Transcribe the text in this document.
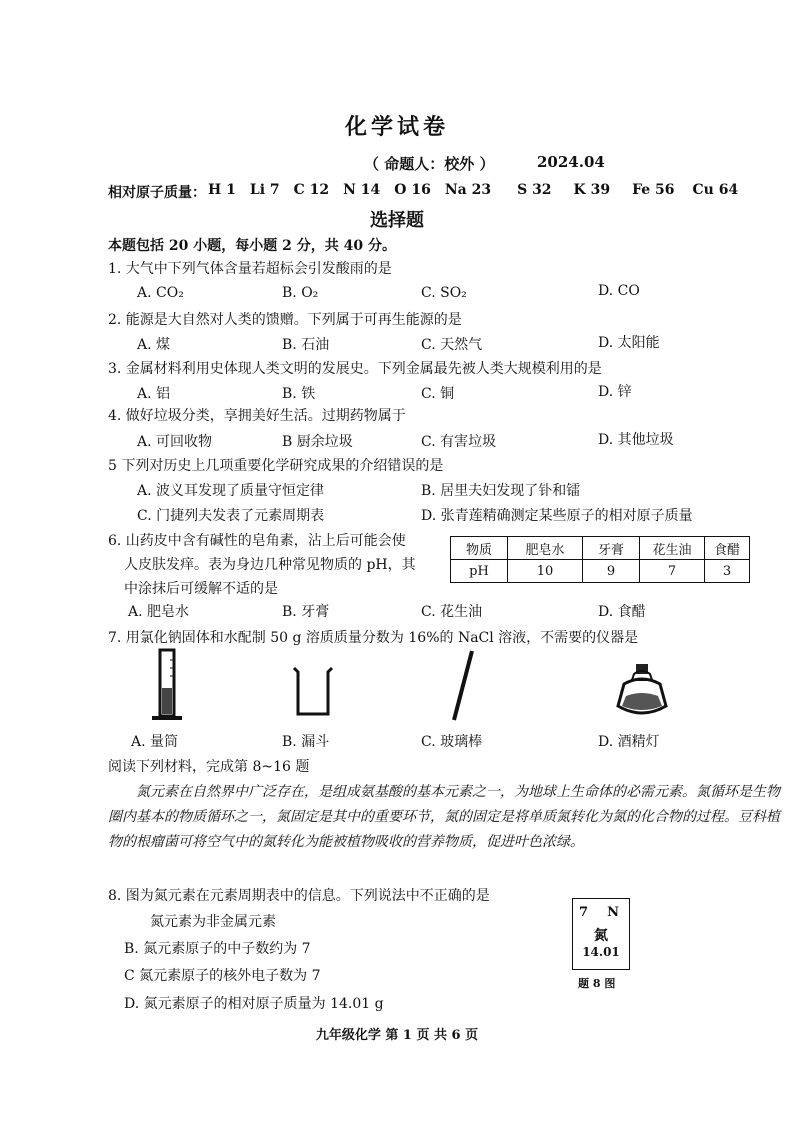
化学试卷
（ 命题人：校外 ）	2024.04
相对原子质量： H 1 Li 7 C 12 N 14 O 16 Na 23 S 32 K 39 Fe 56 Cu 64
选择题
本题包括 20 小题，每小题 2 分，共 40 分。
1. 大气中下列气体含量若超标会引发酸雨的是
A. CO₂	B. O₂	C. SO₂	D. CO
2. 能源是大自然对人类的馈赠。下列属于可再生能源的是
A. 煤	B. 石油	C. 天然气	D. 太阳能
3. 金属材料利用史体现人类文明的发展史。下列金属最先被人类大规模利用的是
A. 铝	B. 铁	C. 铜	D. 锌
4. 做好垃圾分类，享拥美好生活。过期药物属于
A. 可回收物	B 厨余垃圾	C. 有害垃圾	D. 其他垃圾
5 下列对历史上几项重要化学研究成果的介绍错误的是
A. 波义耳发现了质量守恒定律	B. 居里夫妇发现了钋和镭
C. 门捷列夫发表了元素周期表	D. 张青莲精确测定某些原子的相对原子质量
6. 山药皮中含有碱性的皂角素，沾上后可能会使
人皮肤发痒。表为身边几种常见物质的 pH，其
中涂抹后可缓解不适的是
物质	肥皂水	牙膏	花生油	食醋
pH	10	9	7	3
A. 肥皂水	B. 牙膏	C. 花生油	D. 食醋
7. 用氯化钠固体和水配制 50 g 溶质质量分数为 16%的 NaCl 溶液，不需要的仪器是
A. 量筒	B. 漏斗	C. 玻璃棒	D. 酒精灯
阅读下列材料，完成第 8~16 题
氮元素在自然界中广泛存在，是组成氨基酸的基本元素之一，为地球上生命体的必需元素。氮循环是生物圈内基本的物质循环之一，氮固定是其中的重要环节，氮的固定是将单质氮转化为氮的化合物的过程。豆科植物的根瘤菌可将空气中的氮转化为能被植物吸收的营养物质，促进叶色浓绿。
8. 图为氮元素在元素周期表中的信息。下列说法中不正确的是
氮元素为非金属元素
B. 氮元素原子的中子数约为 7
C 氮元素原子的核外电子数为 7
D. 氮元素原子的相对原子质量为 14.01 g
7 N
氮
14.01
题 8 图
九年级化学 第 1 页 共 6 页
